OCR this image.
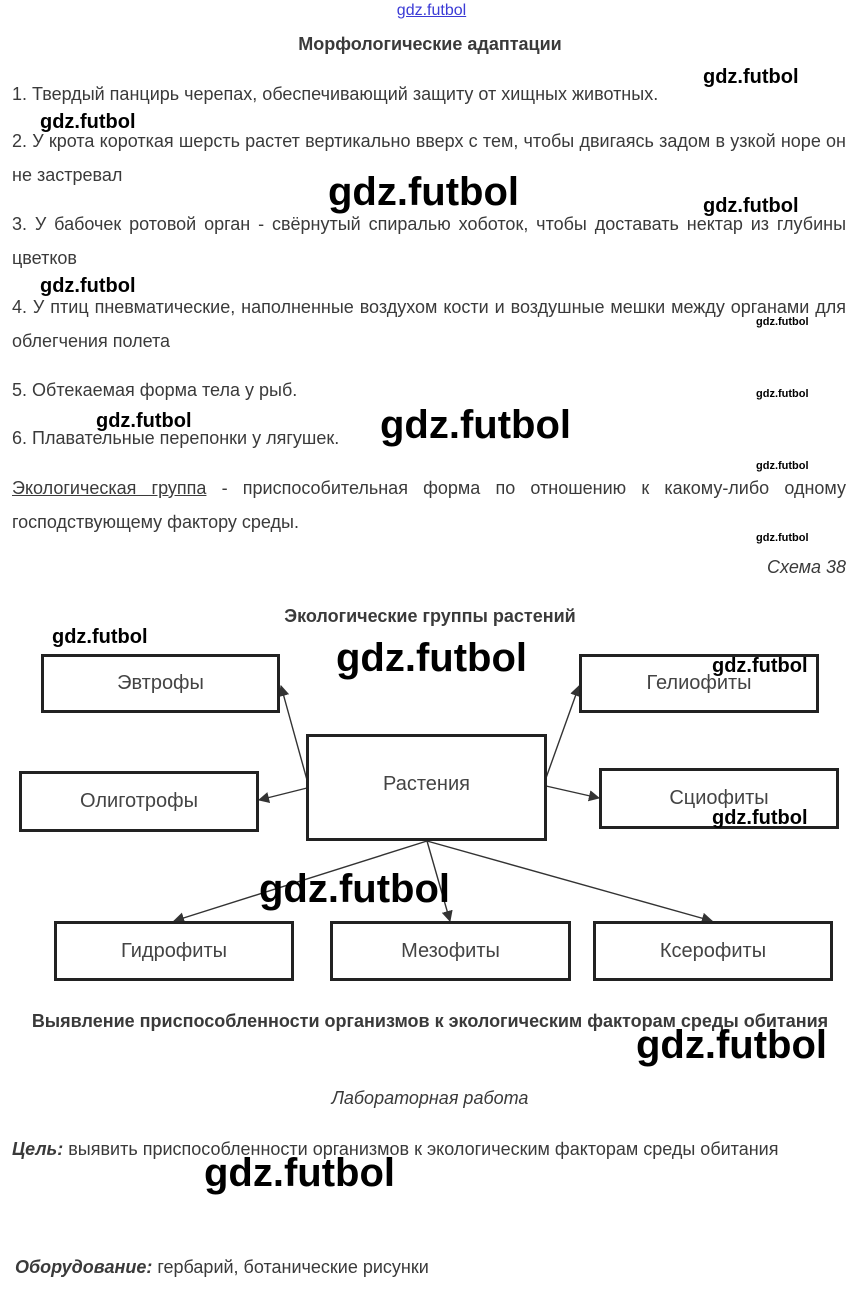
gdz.futbol
Морфологические адаптации
1. Твердый панцирь черепах, обеспечивающий защиту от хищных животных.
2. У крота короткая шерсть растет вертикально вверх с тем, чтобы двигаясь задом в узкой норе он не застревал
3. У бабочек ротовой орган - свёрнутый спиралью хоботок, чтобы доставать нектар из глубины цветков
4. У птиц пневматические, наполненные воздухом кости и воздушные мешки между органами для облегчения полета
5. Обтекаемая форма тела у рыб.
6. Плавательные перепонки у лягушек.
Экологическая группа - приспособительная форма по отношению к какому-либо одному господствующему фактору среды.
Схема 38
Экологические группы растений
Эвтрофы
Олиготрофы
Растения
Гелиофиты
Сциофиты
Гидрофиты	Мезофиты	Ксерофиты
Выявление приспособленности организмов к экологическим факторам среды обитания
Лабораторная работа
Цель: выявить приспособленности организмов к экологическим факторам среды обитания
Оборудование: гербарий, ботанические рисунки
gdz.futbol
gdz.futbol
gdz.futbol	gdz.futbol
gdz.futbol
gdz.futbol
gdz.futbol
gdz.futbol	gdz.futbol
gdz.futbol
gdz.futbol
gdz.futbol	gdz.futbol	gdz.futbol
gdz.futbol
gdz.futbol
gdz.futbol
gdz.futbol
